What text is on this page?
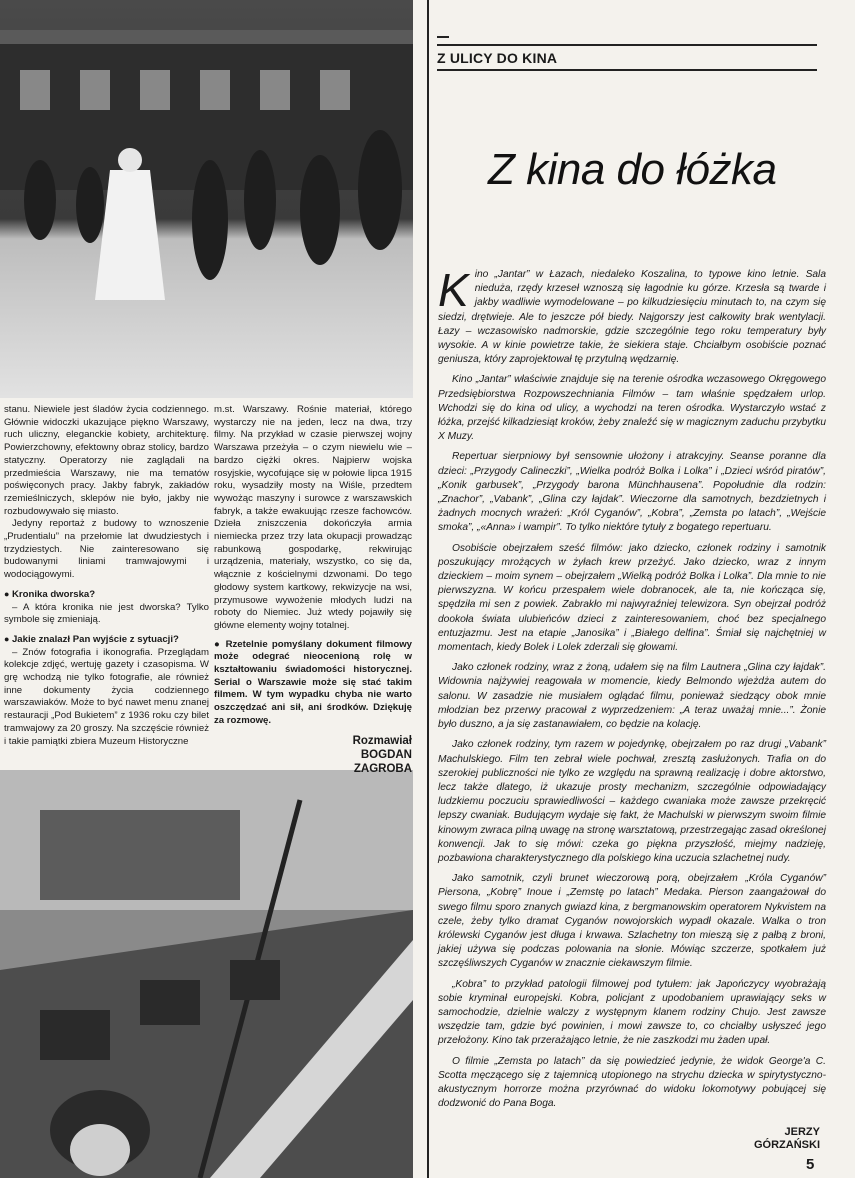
stanu. Niewiele jest śladów życia codziennego. Głównie widoczki ukazujące piękno Warszawy, ruch uliczny, eleganckie kobiety, architekturę. Powierzchowny, efektowny obraz stolicy, bardzo statyczny. Operatorzy nie zaglądali na przedmieścia Warszawy, nie ma tematów poświęconych pracy. Jakby fabryk, zakładów rzemieślniczych, sklepów nie było, jakby nie rozbudowywało się miasto.

Jedyny reportaż z budowy to wznoszenie „Prudentialu” na przełomie lat dwudziestych i trzydziestych. Nie zainteresowano się budowanymi liniami tramwajowymi i wodociągowymi.

● Kronika dworska?

– A która kronika nie jest dworska? Tylko symbole się zmieniają.

● Jakie znalazł Pan wyjście z sytuacji?

– Znów fotografia i ikonografia. Przeglądam kolekcje zdjęć, wertuję gazety i czasopisma. W grę wchodzą nie tylko fotografie, ale również inne dokumenty życia codziennego warszawiaków. Może to być nawet menu znanej restauracji „Pod Bukietem” z 1936 roku czy bilet tramwajowy za 20 groszy. Na szczęście również i takie pamiątki zbiera Muzeum Historyczne

m.st. Warszawy. Rośnie materiał, którego wystarczy nie na jeden, lecz na dwa, trzy filmy. Na przykład w czasie pierwszej wojny Warszawa przeżyła – o czym niewielu wie – bardzo ciężki okres. Najpierw wojska rosyjskie, wycofujące się w połowie lipca 1915 roku, wysadziły mosty na Wiśle, przedtem wywożąc maszyny i surowce z warszawskich fabryk, a także ewakuując rzesze fachowców. Dzieła zniszczenia dokończyła armia niemiecka przez trzy lata okupacji prowadząc rabunkową gospodarkę, rekwirując urządzenia, materiały, wszystko, co się da, włącznie z kościelnymi dzwonami. Do tego głodowy system kartkowy, rekwizycje na wsi, przymusowe wywożenie młodych ludzi na roboty do Niemiec. Już wtedy pojawiły się główne elementy wojny totalnej.

● Rzetelnie pomyślany dokument filmowy może odegrać nieocenioną rolę w kształtowaniu świadomości historycznej. Serial o Warszawie może się stać takim filmem. W tym wypadku chyba nie warto oszczędzać ani sił, ani środków. Dziękuję za rozmowę.

Rozmawiał
BOGDAN
ZAGROBA
Z ULICY DO KINA
Z kina do łóżka

Kino „Jantar” w Łazach, niedaleko Koszalina, to typowe kino letnie. Sala nieduża, rzędy krzeseł wznoszą się łagodnie ku górze. Krzesła są twarde i jakby wadliwie wymodelowane – po kilkudziesięciu minutach to, na czym się siedzi, drętwieje. Ale to jeszcze pół biedy. Najgorszy jest całkowity brak wentylacji. Łazy – wczasowisko nadmorskie, gdzie szczególnie tego roku temperatury były wysokie. A w kinie powietrze takie, że siekiera staje. Chciałbym osobiście poznać geniusza, który zaprojektował tę przytulną wędzarnię.

Kino „Jantar” właściwie znajduje się na terenie ośrodka wczasowego Okręgowego Przedsiębiorstwa Rozpowszechniania Filmów – tam właśnie spędzałem urlop. Wchodzi się do kina od ulicy, a wychodzi na teren ośrodka. Wystarczyło wstać z łóżka, przejść kilkadziesiąt kroków, żeby znaleźć się w magicznym zaduchu przybytku X Muzy.

Repertuar sierpniowy był sensownie ułożony i atrakcyjny. Seanse poranne dla dzieci: „Przygody Calineczki”, „Wielka podróż Bolka i Lolka” i „Dzieci wśród piratów”, „Konik garbusek”, „Przygody barona Münchhausena”. Popołudnie dla rodzin: „Znachor”, „Vabank”, „Glina czy łajdak”. Wieczorne dla samotnych, bezdzietnych i żadnych mocnych wrażeń: „Król Cyganów”, „Kobra”, „Zemsta po latach”, „Wejście smoka”, „«Anna» i wampir”. To tylko niektóre tytuły z bogatego repertuaru.

Osobiście obejrzałem sześć filmów: jako dziecko, członek rodziny i samotnik poszukujący mrożących w żyłach krew przeżyć. Jako dziecko, wraz z innym dzieckiem – moim synem – obejrzałem „Wielką podróż Bolka i Lolka”. Dla mnie to nie pierwszyzna. W końcu przespałem wiele dobranocek, ale ta, nie kończąca się, spędziła mi sen z powiek. Zabrakło mi najwyraźniej telewizora. Syn obejrzał podróż dookoła świata ulubieńców dzieci z zainteresowaniem, choć bez specjalnego entuzjazmu. Jest na etapie „Janosika” i „Białego delfina”. Śmiał się najchętniej w momentach, kiedy Bolek i Lolek zderzali się głowami.

Jako członek rodziny, wraz z żoną, udałem się na film Lautnera „Glina czy łajdak”. Widownia najżywiej reagowała w momencie, kiedy Belmondo wjeżdża autem do salonu. W zasadzie nie musiałem oglądać filmu, ponieważ siedzący obok mnie młodzian bez przerwy pracował z wyprzedzeniem: „A teraz uważaj mnie...”. Żonie było duszno, a ja się zastanawiałem, co będzie na kolację.

Jako członek rodziny, tym razem w pojedynkę, obejrzałem po raz drugi „Vabank” Machulskiego. Film ten zebrał wiele pochwał, zresztą zasłużonych. Trafia on do szerokiej publiczności nie tylko ze względu na sprawną realizację i dobre aktorstwo, lecz także dlatego, iż ukazuje prosty mechanizm, szczególnie odpowiadający ludzkiemu poczuciu sprawiedliwości – każdego cwaniaka może zawsze przekręcić lepszy cwaniak. Budującym wydaje się fakt, że Machulski w pierwszym swoim filmie kinowym zwraca pilną uwagę na stronę warsztatową, przestrzegając zasad określonej konwencji. Jak to się mówi: czeka go piękna przyszłość, miejmy nadzieję, pozbawiona charakterystycznego dla polskiego kina uczucia szlachetnej nudy.

Jako samotnik, czyli brunet wieczorową porą, obejrzałem „Króla Cyganów” Piersona, „Kobrę” Inoue i „Zemstę po latach” Medaka. Pierson zaangażował do swego filmu sporo znanych gwiazd kina, z bergmanowskim operatorem Nykvistem na czele, żeby tylko dramat Cyganów nowojorskich wypadł okazale. Walka o tron królewski Cyganów jest długa i krwawa. Szlachetny ton mieszą się z pałbą z broni, jakiej używa się podczas polowania na słonie. Mówiąc szczerze, spotkałem już szczęśliwszych Cyganów w znacznie ciekawszym filmie.

„Kobra” to przykład patologii filmowej pod tytułem: jak Japończycy wyobrażają sobie kryminał europejski. Kobra, policjant z upodobaniem uprawiający seks w samochodzie, dzielnie walczy z występnym klanem rodziny Chujo. Jest zawsze wszędzie tam, gdzie być powinien, i mowi zawsze to, co chciałby usłyszeć jego przełożony. Kino tak przerażająco letnie, że nie zaszkodzi mu żaden upał.

O filmie „Zemsta po latach” da się powiedzieć jedynie, że widok George'a C. Scotta męczącego się z tajemnicą utopionego na strychu dziecka w spirytystyczno-akustycznym horrorze można przyrównać do widoku lokomotywy pobującej się dodzwonić do Pana Boga.

JERZY
GÓRZAŃSKI
5
